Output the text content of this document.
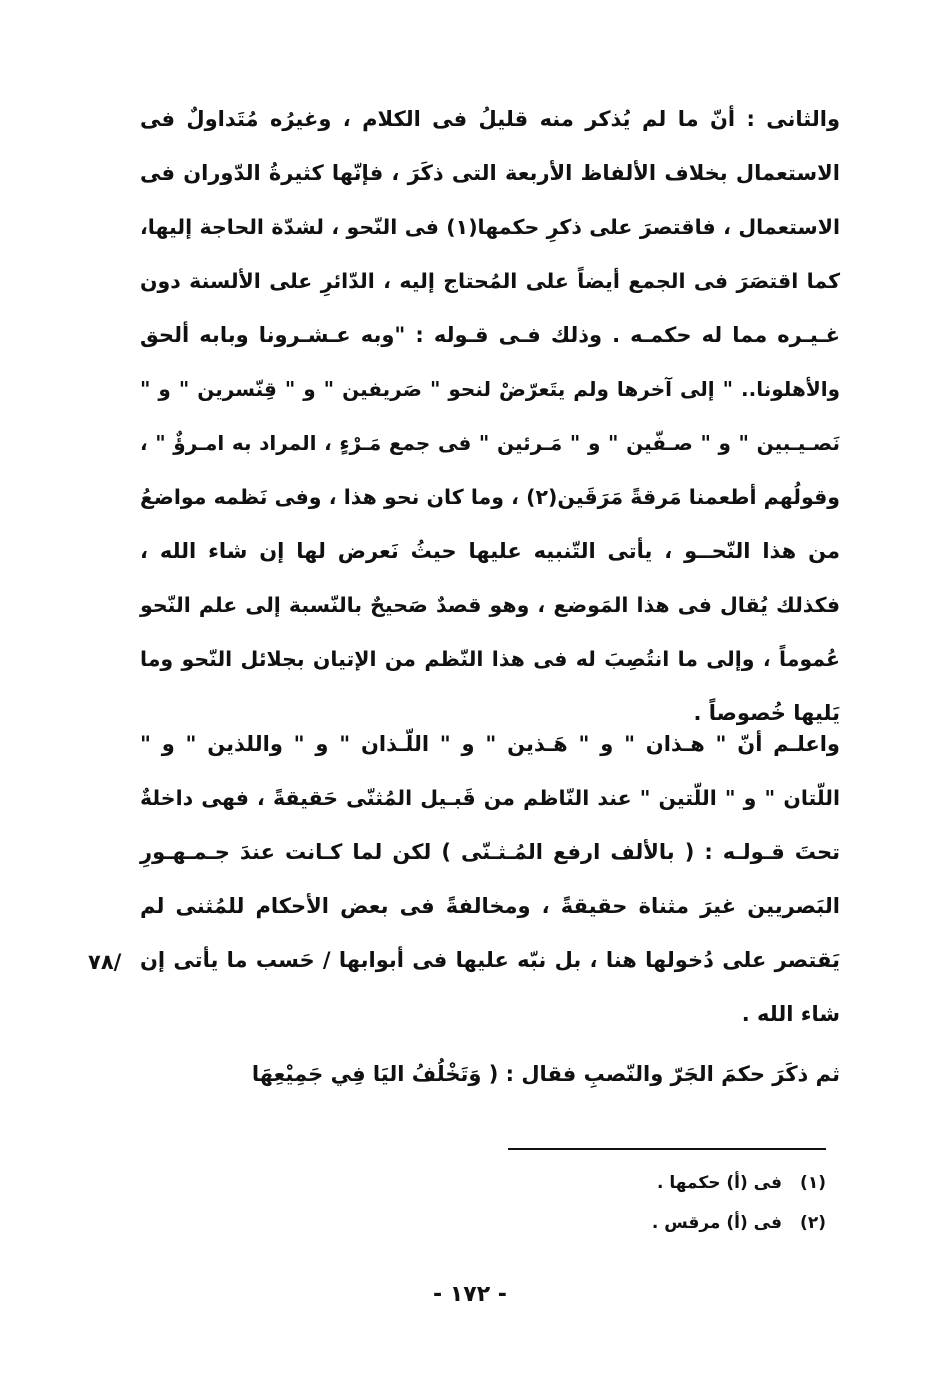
والثانى : أنّ ما لم يُذكر منه قليلُ فى الكلام ، وغيرُه مُتَداولٌ فى
الاستعمال بخلاف الألفاظ الأربعة التى ذكَرَ ، فإنّها كثيرةُ الدّوران فى
الاستعمال ، فاقتصرَ على ذكرِ حكمها(١) فى النّحو ، لشدّة الحاجة إليها،
كما اقتصَرَ فى الجمع أيضاً على المُحتاج إليه ، الدّائرِ على الألسنة دون
غـيـره مما له حكمـه . وذلك فـى قـوله : "وبه عـشـرونا وبابه ألحق
والأهلونا.. " إلى آخرها ولم يتَعرّضْ لنحو " صَريفين " و " قِنّسرين " و "
نَصـيـبين " و " صـفّين " و " مَـرئين " فى جمع مَـرْءٍ ، المراد به امـرؤٌ " ،
وقولُهم أطعمنا مَرقةً مَرَقَين(٢) ، وما كان نحو هذا ، وفى نَظمه مواضعُ
من هذا النّحــو ، يأتى التّنبيه عليها حيثُ نَعرض لها إن شاء الله ،
فكذلك يُقال فى هذا المَوضع ، وهو قصدٌ صَحيحٌ بالنّسبة إلى علم النّحو
عُموماً ، وإلى ما انتُصِبَ له فى هذا النّظم من الإتيان بجلائل النّحو وما
يَليها خُصوصاً .
واعلـم أنّ " هـذان " و " هَـذين " و " اللّـذان " و " واللذين " و "
اللّتان " و " اللّتين " عند النّاظم من قَبـيل المُثنّى حَقيقةً ، فهى داخلةٌ
تحتَ قـولـه : ( بالألف ارفع المُـثـنّى ) لكن لما كـانت عندَ جـمـهـورِ
البَصريين غيرَ مثناة حقيقةً ، ومخالفةً فى بعض الأحكام للمُثنى لم
يَقتصر على دُخولها هنا ، بل نبّه عليها فى أبوابها / حَسب ما يأتى إن
شاء الله .
٧٨/
ثم ذكَرَ حكمَ الجَرّ والنّصبِ فقال : ( وَتَخْلُفُ اليَا فِي جَمِيْعِهَا
(١)
فى (أ) حكمها .
(٢)
فى (أ) مرقس .
- ١٧٢ -
